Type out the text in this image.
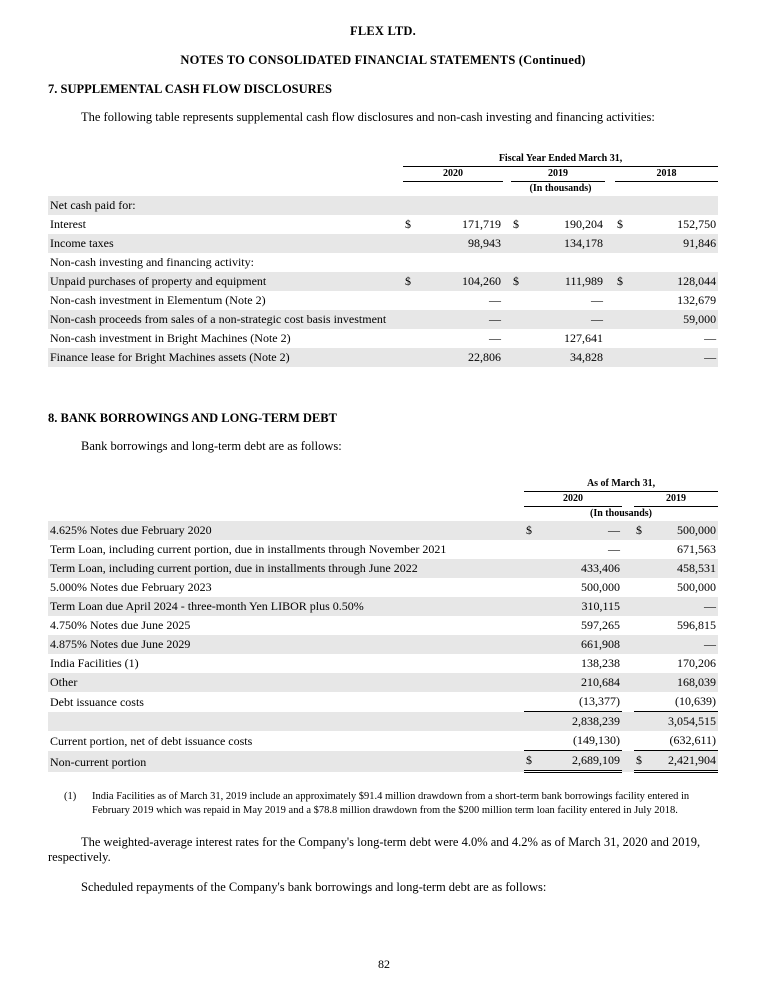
FLEX LTD.
NOTES TO CONSOLIDATED FINANCIAL STATEMENTS (Continued)
7. SUPPLEMENTAL CASH FLOW DISCLOSURES

The following table represents supplemental cash flow disclosures and non-cash investing and financing activities:

	Fiscal Year Ended March 31,							
	2020			2019			2018	
	(In thousands)							
Net cash paid for:								
Interest	$	171,719		$	190,204		$	152,750
Income taxes		98,943			134,178			91,846
Non-cash investing and financing activity:								
Unpaid purchases of property and equipment	$	104,260		$	111,989		$	128,044
Non-cash investment in Elementum (Note 2)		—			—			132,679
Non-cash proceeds from sales of a non-strategic cost basis investment		—			—			59,000
Non-cash investment in Bright Machines (Note 2)		—			127,641			—
Finance lease for Bright Machines assets (Note 2)		22,806			34,828			—
8. BANK BORROWINGS AND LONG-TERM DEBT

Bank borrowings and long-term debt are as follows:

	As of March 31,				
	2020			2019	
	(In thousands)				
4.625% Notes due February 2020	$	—		$	500,000
Term Loan, including current portion, due in installments through November 2021		—			671,563
Term Loan, including current portion, due in installments through June 2022		433,406			458,531
5.000% Notes due February 2023		500,000			500,000
Term Loan due April 2024 - three-month Yen LIBOR plus 0.50%		310,115			—
4.750% Notes due June 2025		597,265			596,815
4.875% Notes due June 2029		661,908			—
India Facilities (1)		138,238			170,206
Other		210,684			168,039
Debt issuance costs		(13,377)			(10,639)
		2,838,239			3,054,515
Current portion, net of debt issuance costs		(149,130)			(632,611)
Non-current portion	$	2,689,109		$	2,421,904
(1) India Facilities as of March 31, 2019 include an approximately $91.4 million drawdown from a short-term bank borrowings facility entered in February 2019 which was repaid in May 2019 and a $78.8 million drawdown from the $200 million term loan facility entered in July 2018.

The weighted-average interest rates for the Company's long-term debt were 4.0% and 4.2% as of March 31, 2020 and 2019, respectively.

Scheduled repayments of the Company's bank borrowings and long-term debt are as follows:

82
